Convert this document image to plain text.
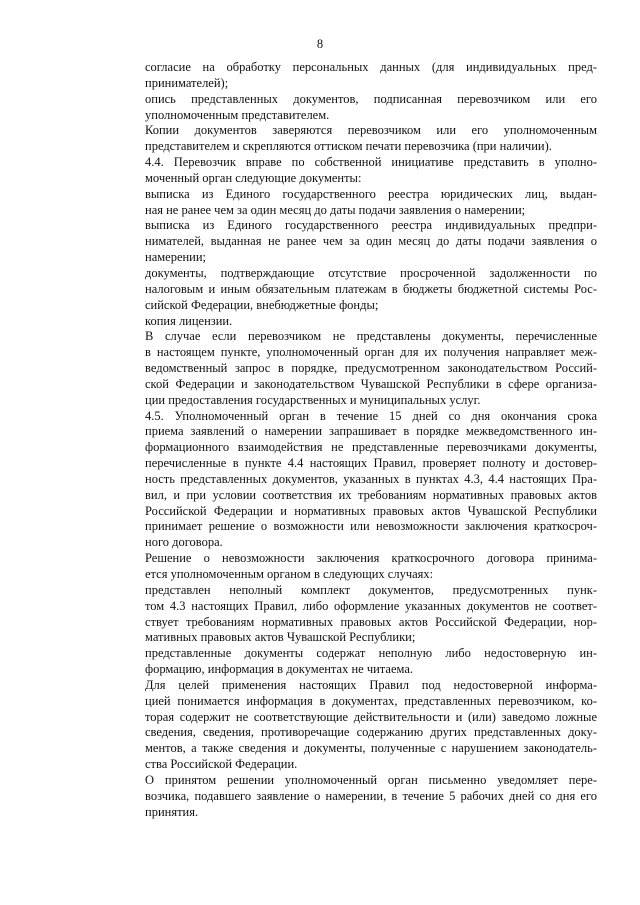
8

согласие на обработку персональных данных (для индивидуальных пред-
принимателей);

опись представленных документов, подписанная перевозчиком или его
уполномоченным представителем.

Копии документов заверяются перевозчиком или его уполномоченным
представителем и скрепляются оттиском печати перевозчика (при наличии).

4.4. Перевозчик вправе по собственной инициативе представить в уполно-
моченный орган следующие документы:

выписка из Единого государственного реестра юридических лиц, выдан-
ная не ранее чем за один месяц до даты подачи заявления о намерении;

выписка из Единого государственного реестра индивидуальных предпри-
нимателей, выданная не ранее чем за один месяц до даты подачи заявления о
намерении;

документы, подтверждающие отсутствие просроченной задолженности по
налоговым и иным обязательным платежам в бюджеты бюджетной системы Рос-
сийской Федерации, внебюджетные фонды;

копия лицензии.

В случае если перевозчиком не представлены документы, перечисленные
в настоящем пункте, уполномоченный орган для их получения направляет меж-
ведомственный запрос в порядке, предусмотренном законодательством Россий-
ской Федерации и законодательством Чувашской Республики в сфере организа-
ции предоставления государственных и муниципальных услуг.

4.5. Уполномоченный орган в течение 15 дней со дня окончания срока
приема заявлений о намерении запрашивает в порядке межведомственного ин-
формационного взаимодействия не представленные перевозчиками документы,
перечисленные в пункте 4.4 настоящих Правил, проверяет полноту и достовер-
ность представленных документов, указанных в пунктах 4.3, 4.4 настоящих Пра-
вил, и при условии соответствия их требованиям нормативных правовых актов
Российской Федерации и нормативных правовых актов Чувашской Республики
принимает решение о возможности или невозможности заключения краткосроч-
ного договора.

Решение о невозможности заключения краткосрочного договора принима-
ется уполномоченным органом в следующих случаях:

представлен неполный комплект документов, предусмотренных пунк-
том 4.3 настоящих Правил, либо оформление указанных документов не соответ-
ствует требованиям нормативных правовых актов Российской Федерации, нор-
мативных правовых актов Чувашской Республики;

представленные документы содержат неполную либо недостоверную ин-
формацию, информация в документах не читаема.

Для целей применения настоящих Правил под недостоверной информа-
цией понимается информация в документах, представленных перевозчиком, ко-
торая содержит не соответствующие действительности и (или) заведомо ложные
сведения, сведения, противоречащие содержанию других представленных доку-
ментов, а также сведения и документы, полученные с нарушением законодатель-
ства Российской Федерации.

О принятом решении уполномоченный орган письменно уведомляет пере-
возчика, подавшего заявление о намерении, в течение 5 рабочих дней со дня его
принятия.
